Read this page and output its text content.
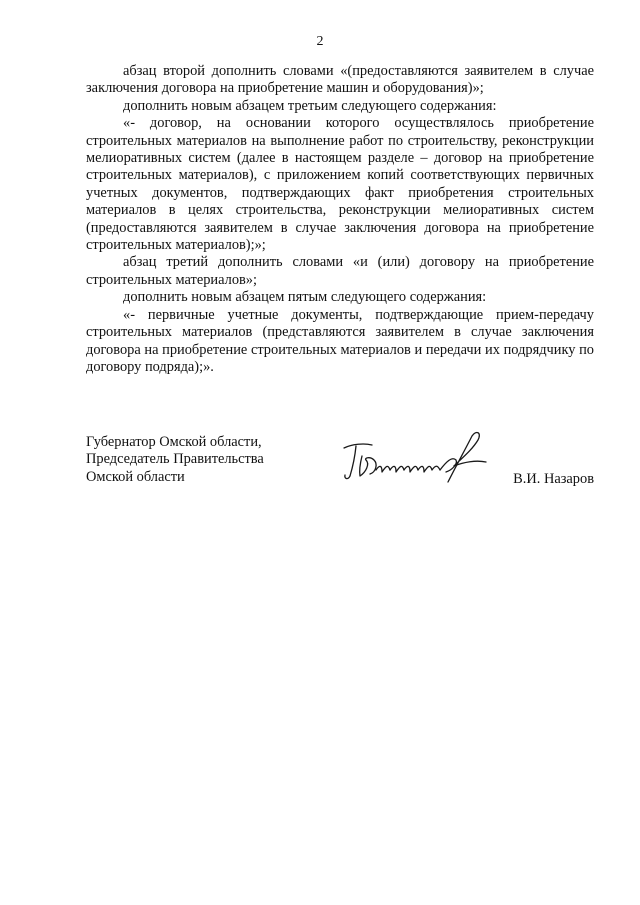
2

абзац второй дополнить словами «(предоставляются заявителем в случае заключения договора на приобретение машин и оборудования)»;

дополнить новым абзацем третьим следующего содержания:

«- договор, на основании которого осуществлялось приобретение строительных материалов на выполнение работ по строительству, реконструкции мелиоративных систем (далее в настоящем разделе – договор на приобретение строительных материалов), с приложением копий соответствующих первичных учетных документов, подтверждающих факт приобретения строительных материалов в целях строительства, реконструкции мелиоративных систем (предоставляются заявителем в случае заключения договора на приобретение строительных материалов);»;

абзац третий дополнить словами «и (или) договору на приобретение строительных материалов»;

дополнить новым абзацем пятым следующего содержания:

«- первичные учетные документы, подтверждающие прием-передачу строительных материалов (представляются заявителем в случае заключения договора на приобретение строительных материалов и передачи их подрядчику по договору подряда);».

Губернатор Омской области,
Председатель Правительства
Омской области	В.И. Назаров
